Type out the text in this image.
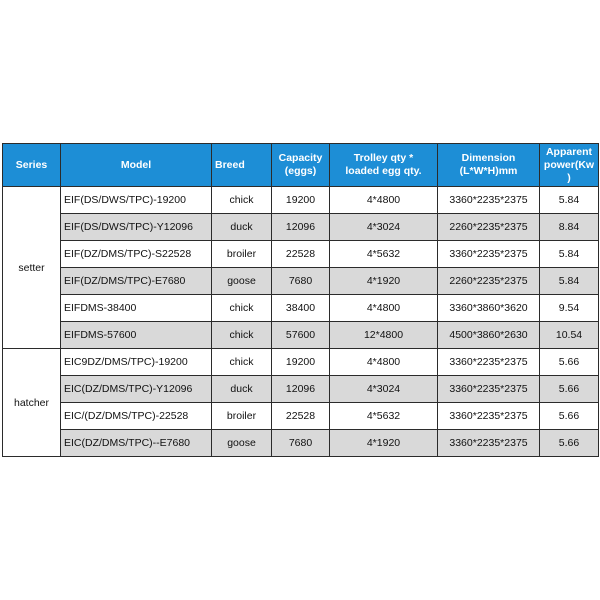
Series	Model	Breed	Capacity (eggs)	Trolley qty * loaded egg qty.	Dimension (L*W*H)mm	Apparent power(Kw )
setter	EIF(DS/DWS/TPC)-19200	chick	19200	4*4800	3360*2235*2375	5.84
	EIF(DS/DWS/TPC)-Y12096	duck	12096	4*3024	2260*2235*2375	8.84
	EIF(DZ/DMS/TPC)-S22528	broiler	22528	4*5632	3360*2235*2375	5.84
	EIF(DZ/DMS/TPC)-E7680	goose	7680	4*1920	2260*2235*2375	5.84
	EIFDMS-38400	chick	38400	4*4800	3360*3860*3620	9.54
	EIFDMS-57600	chick	57600	12*4800	4500*3860*2630	10.54
hatcher	EIC9DZ/DMS/TPC)-19200	chick	19200	4*4800	3360*2235*2375	5.66
	EIC(DZ/DMS/TPC)-Y12096	duck	12096	4*3024	3360*2235*2375	5.66
	EIC/(DZ/DMS/TPC)-22528	broiler	22528	4*5632	3360*2235*2375	5.66
	EIC(DZ/DMS/TPC)--E7680	goose	7680	4*1920	3360*2235*2375	5.66
